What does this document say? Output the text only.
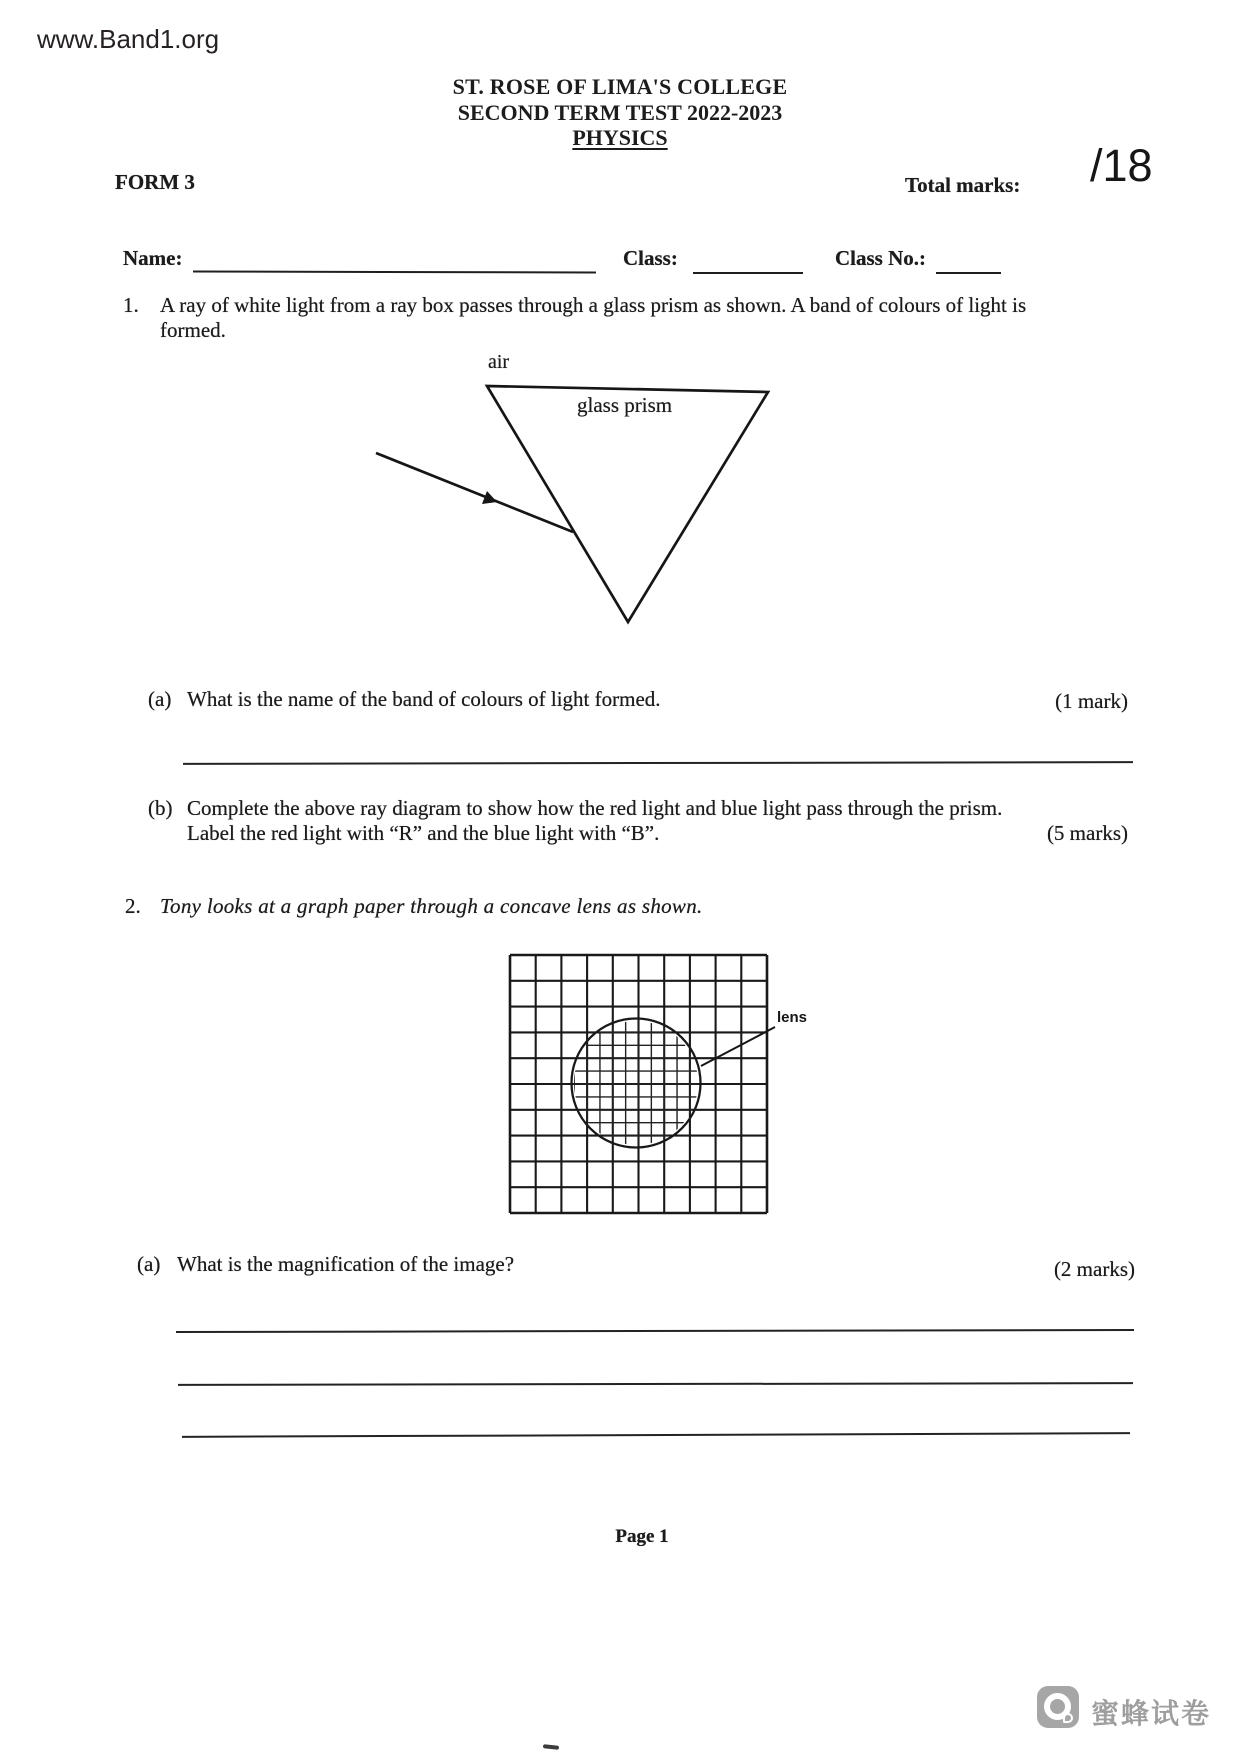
www.Band1.org
ST. ROSE OF LIMA'S COLLEGE
SECOND TERM TEST 2022-2023
PHYSICS
FORM 3	Total marks: /18
Name:	Class:	Class No.:
1. A ray of white light from a ray box passes through a glass prism as shown. A band of colours of light is
formed.
air
glass prism
(a) What is the name of the band of colours of light formed.	(1 mark)
(b) Complete the above ray diagram to show how the red light and blue light pass through the prism.
Label the red light with “R” and the blue light with “B”.	(5 marks)
2. Tony looks at a graph paper through a concave lens as shown.
lens
(a) What is the magnification of the image?	(2 marks)
Page 1
蜜蜂试卷
